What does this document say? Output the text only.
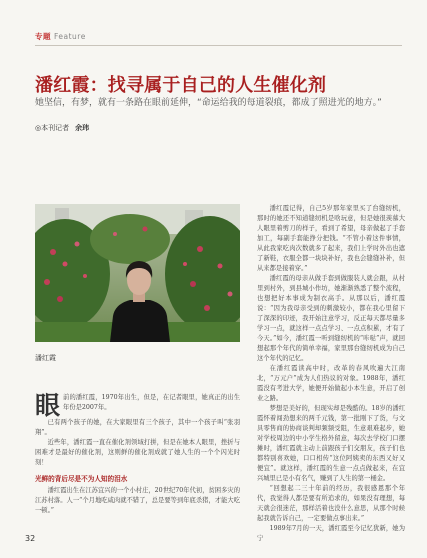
专题 Feature
潘红霞：找寻属于自己的人生催化剂
她坚信，有梦，就有一条路在眼前延伸，“命运给我的每道裂痕，都成了照进光的地方。”
◎本刊记者 余玮
潘红霞

潘红霞记得，自己5岁那年家里买了台缝纫机，那时的她还不知道缝纫机是啥玩意，但是她很羡慕大人眼里着剪刀的样子，看到了希望，母亲做起了手套加工，每副手套能挣分把钱。“不管小着这件事情，从此我家吃肉次数就多了起来，我们上学时外出也遮了新鞋，衣服全都一块块补好，我也会缝缝补补，但从来都是接着穿。”

潘红霞的母亲从做手套到做服装人就会跟，从村里到村外，到县城小作坊，她渐渐熟悉了整个流程，也想把好本事成为制衣高手。从那以后，潘红霞说：“因为我母亲受到的刺激较小，都在我心里留下了深深的印迹，我开始注意学习，反正每天都尽量多学习一点，就这样一点点学习、一点点积累，才有了今天。”如今，潘红霞一听到缝纫机的“咔哒”声，就回想起那个年代的简单幸福，家里那台缝纫机成为自己这个年代的记忆。

在潘红霞读高中时，改革的春风吹遍大江南北，“万元户”成为人们热议的对象。1988年，潘红霞没有考进大学，她便开始做起小本生意，开启了创业之路。

梦想是美好的，但现实却是残酷的。18岁的潘红霞怀着闯劲想来的两千元钱，第一批刚下了货，与文具零售商的协商谈判却频频受阻，生意艰难起步，她对学校周边的中小学生格外留意，每次去学校门口摆摊时，潘红霞就主动上前跟孩子们交朋友，孩子们也都特别喜欢她，口口相传“这位阿姨卖的东西又好又便宜”。就这样，潘红霞的生意一点点做起来，在宜兴城里已是小有名气，赚到了人生的第一桶金。

“回想起二三十年前的经历，我很感恩那个年代，我觉得人都是要有所追求的，如果没有理想，每天就会很迷茫，那样活着也没什么意思，从那个时候起我就告诉自己，一定要做点事出来。”

1989年7月的一天，潘红霞至今记忆犹新，她为宁

眼 前的潘红霞，1970年出生，但是，在记者眼里，她真正的出生年份是2007年。

已有两个孩子的她，在大家眼里有三个孩子，其中一个孩子叫“张羽翔”。

近些年，潘红霞一直在催化剂领域打拼，但是在她本人眼里，挫折与困难才是最好的催化剂，这则鲜的催化剂成就了她人生的一个个闪光时刻！

光鲜的背后尽是不为人知的泪水

潘红霞出生在江苏宜兴的一个小村庄，20世纪70年代初，贫困多灾的江苏村落。人一“个月地吃咸肉就不错了，总是要等到年底杀猪，才能大吃一顿。”

32
